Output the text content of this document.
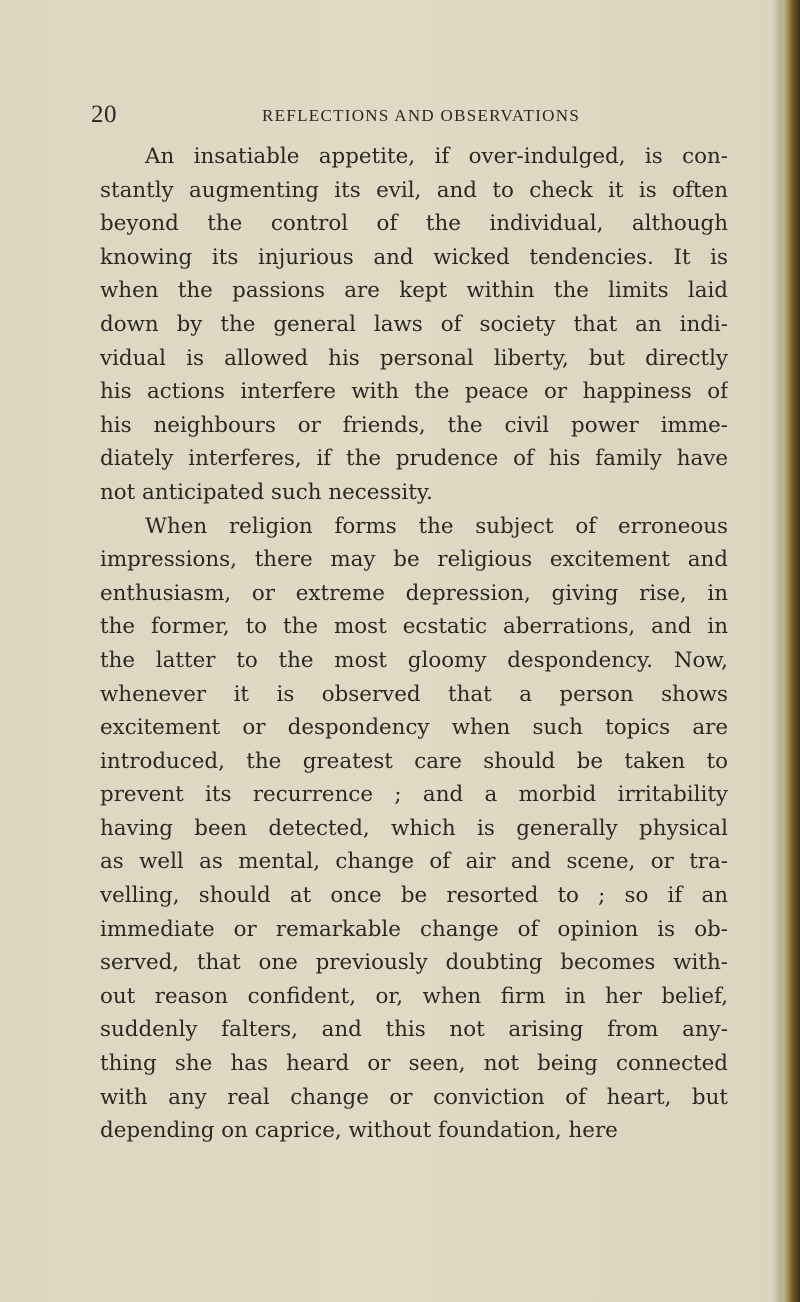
20	REFLECTIONS AND OBSERVATIONS
An insatiable appetite, if over-indulged, is con-
stantly augmenting its evil, and to check it is often
beyond the control of the individual, although
knowing its injurious and wicked tendencies. It is
when the passions are kept within the limits laid
down by the general laws of society that an indi-
vidual is allowed his personal liberty, but directly
his actions interfere with the peace or happiness of
his neighbours or friends, the civil power imme-
diately interferes, if the prudence of his family have
not anticipated such necessity.
When religion forms the subject of erroneous
impressions, there may be religious excitement and
enthusiasm, or extreme depression, giving rise, in
the former, to the most ecstatic aberrations, and in
the latter to the most gloomy despondency. Now,
whenever it is observed that a person shows
excitement or despondency when such topics are
introduced, the greatest care should be taken to
prevent its recurrence ; and a morbid irritability
having been detected, which is generally physical
as well as mental, change of air and scene, or tra-
velling, should at once be resorted to ; so if an
immediate or remarkable change of opinion is ob-
served, that one previously doubting becomes with-
out reason confident, or, when firm in her belief,
suddenly falters, and this not arising from any-
thing she has heard or seen, not being connected
with any real change or conviction of heart, but
depending on caprice, without foundation, here
